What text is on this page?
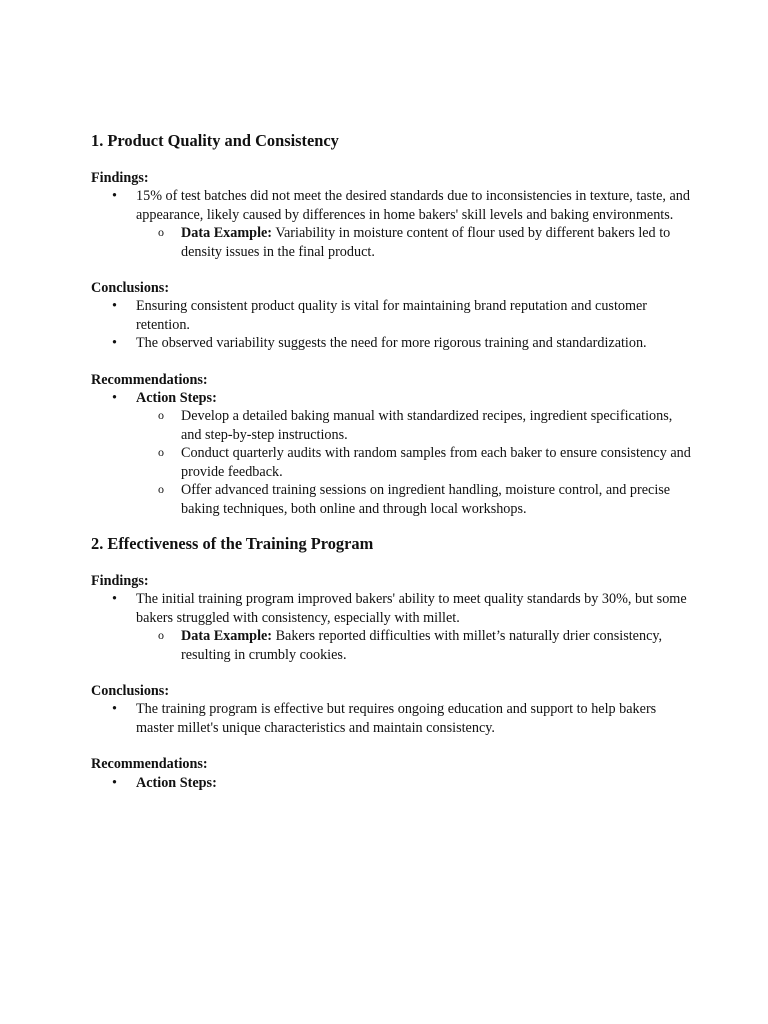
1. Product Quality and Consistency

Findings:

• 15% of test batches did not meet the desired standards due to inconsistencies in texture, taste, and appearance, likely caused by differences in home bakers' skill levels and baking environments.
o Data Example: Variability in moisture content of flour used by different bakers led to density issues in the final product.

Conclusions:

• Ensuring consistent product quality is vital for maintaining brand reputation and customer retention.
• The observed variability suggests the need for more rigorous training and standardization.

Recommendations:

• Action Steps:
o Develop a detailed baking manual with standardized recipes, ingredient specifications, and step-by-step instructions.
o Conduct quarterly audits with random samples from each baker to ensure consistency and provide feedback.
o Offer advanced training sessions on ingredient handling, moisture control, and precise baking techniques, both online and through local workshops.
2. Effectiveness of the Training Program

Findings:

• The initial training program improved bakers' ability to meet quality standards by 30%, but some bakers struggled with consistency, especially with millet.
o Data Example: Bakers reported difficulties with millet’s naturally drier consistency, resulting in crumbly cookies.

Conclusions:

• The training program is effective but requires ongoing education and support to help bakers master millet's unique characteristics and maintain consistency.

Recommendations:

• Action Steps:
